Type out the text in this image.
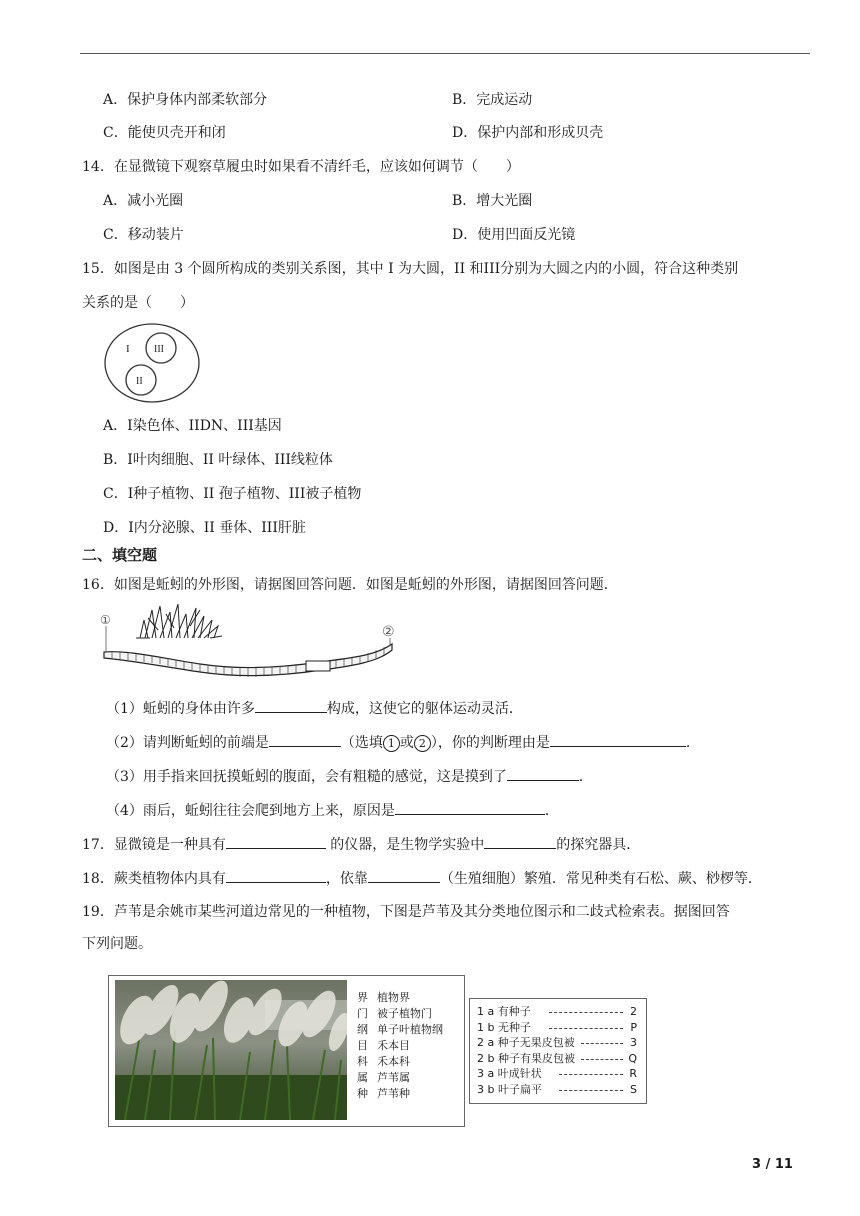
A．保护身体内部柔软部分	B．完成运动
C．能使贝壳开和闭	D．保护内部和形成贝壳
14．在显微镜下观察草履虫时如果看不清纤毛，应该如何调节（　　）
A．减小光圈	B．增大光圈
C．移动装片	D．使用凹面反光镜
15．如图是由 3 个圆所构成的类别关系图，其中 I 为大圆，II 和III分别为大圆之内的小圆，符合这种类别
关系的是（　　）
I III
II
A．Ⅰ染色体、IIDN、III基因
B．Ⅰ叶肉细胞、II 叶绿体、III线粒体
C．Ⅰ种子植物、II 孢子植物、III被子植物
D．Ⅰ内分泌腺、II 垂体、III肝脏
二、填空题
16．如图是蚯蚓的外形图，请据图回答问题．如图是蚯蚓的外形图，请据图回答问题．
①
②
（1）蚯蚓的身体由许多	构成，这使它的躯体运动灵活．
（2）请判断蚯蚓的前端是	（选填 1 或 2 ），你的判断理由是	．
（3）用手指来回抚摸蚯蚓的腹面，会有粗糙的感觉，这是摸到了	．
（4）雨后，蚯蚓往往会爬到地方上来，原因是	．
17．显微镜是一种具有	的仪器，是生物学实验中	的探究器具．
18．蕨类植物体内具有	，依靠	（生殖细胞）繁殖．常见种类有石松、蕨、桫椤等．
19．芦苇是余姚市某些河道边常见的一种植物，下图是芦苇及其分类地位图示和二歧式检索表。据图回答
下列问题。
界 植物界
门 被子植物门
纲 单子叶植物纲
目 禾本目
科 禾本科
属 芦苇属
种 芦苇种
1 a 有种子	2
1 b 无种子	P
2 a 种子无果皮包被	3
2 b 种子有果皮包被	Q
3 a 叶成针状	R
3 b 叶子扁平	S
3 / 11
